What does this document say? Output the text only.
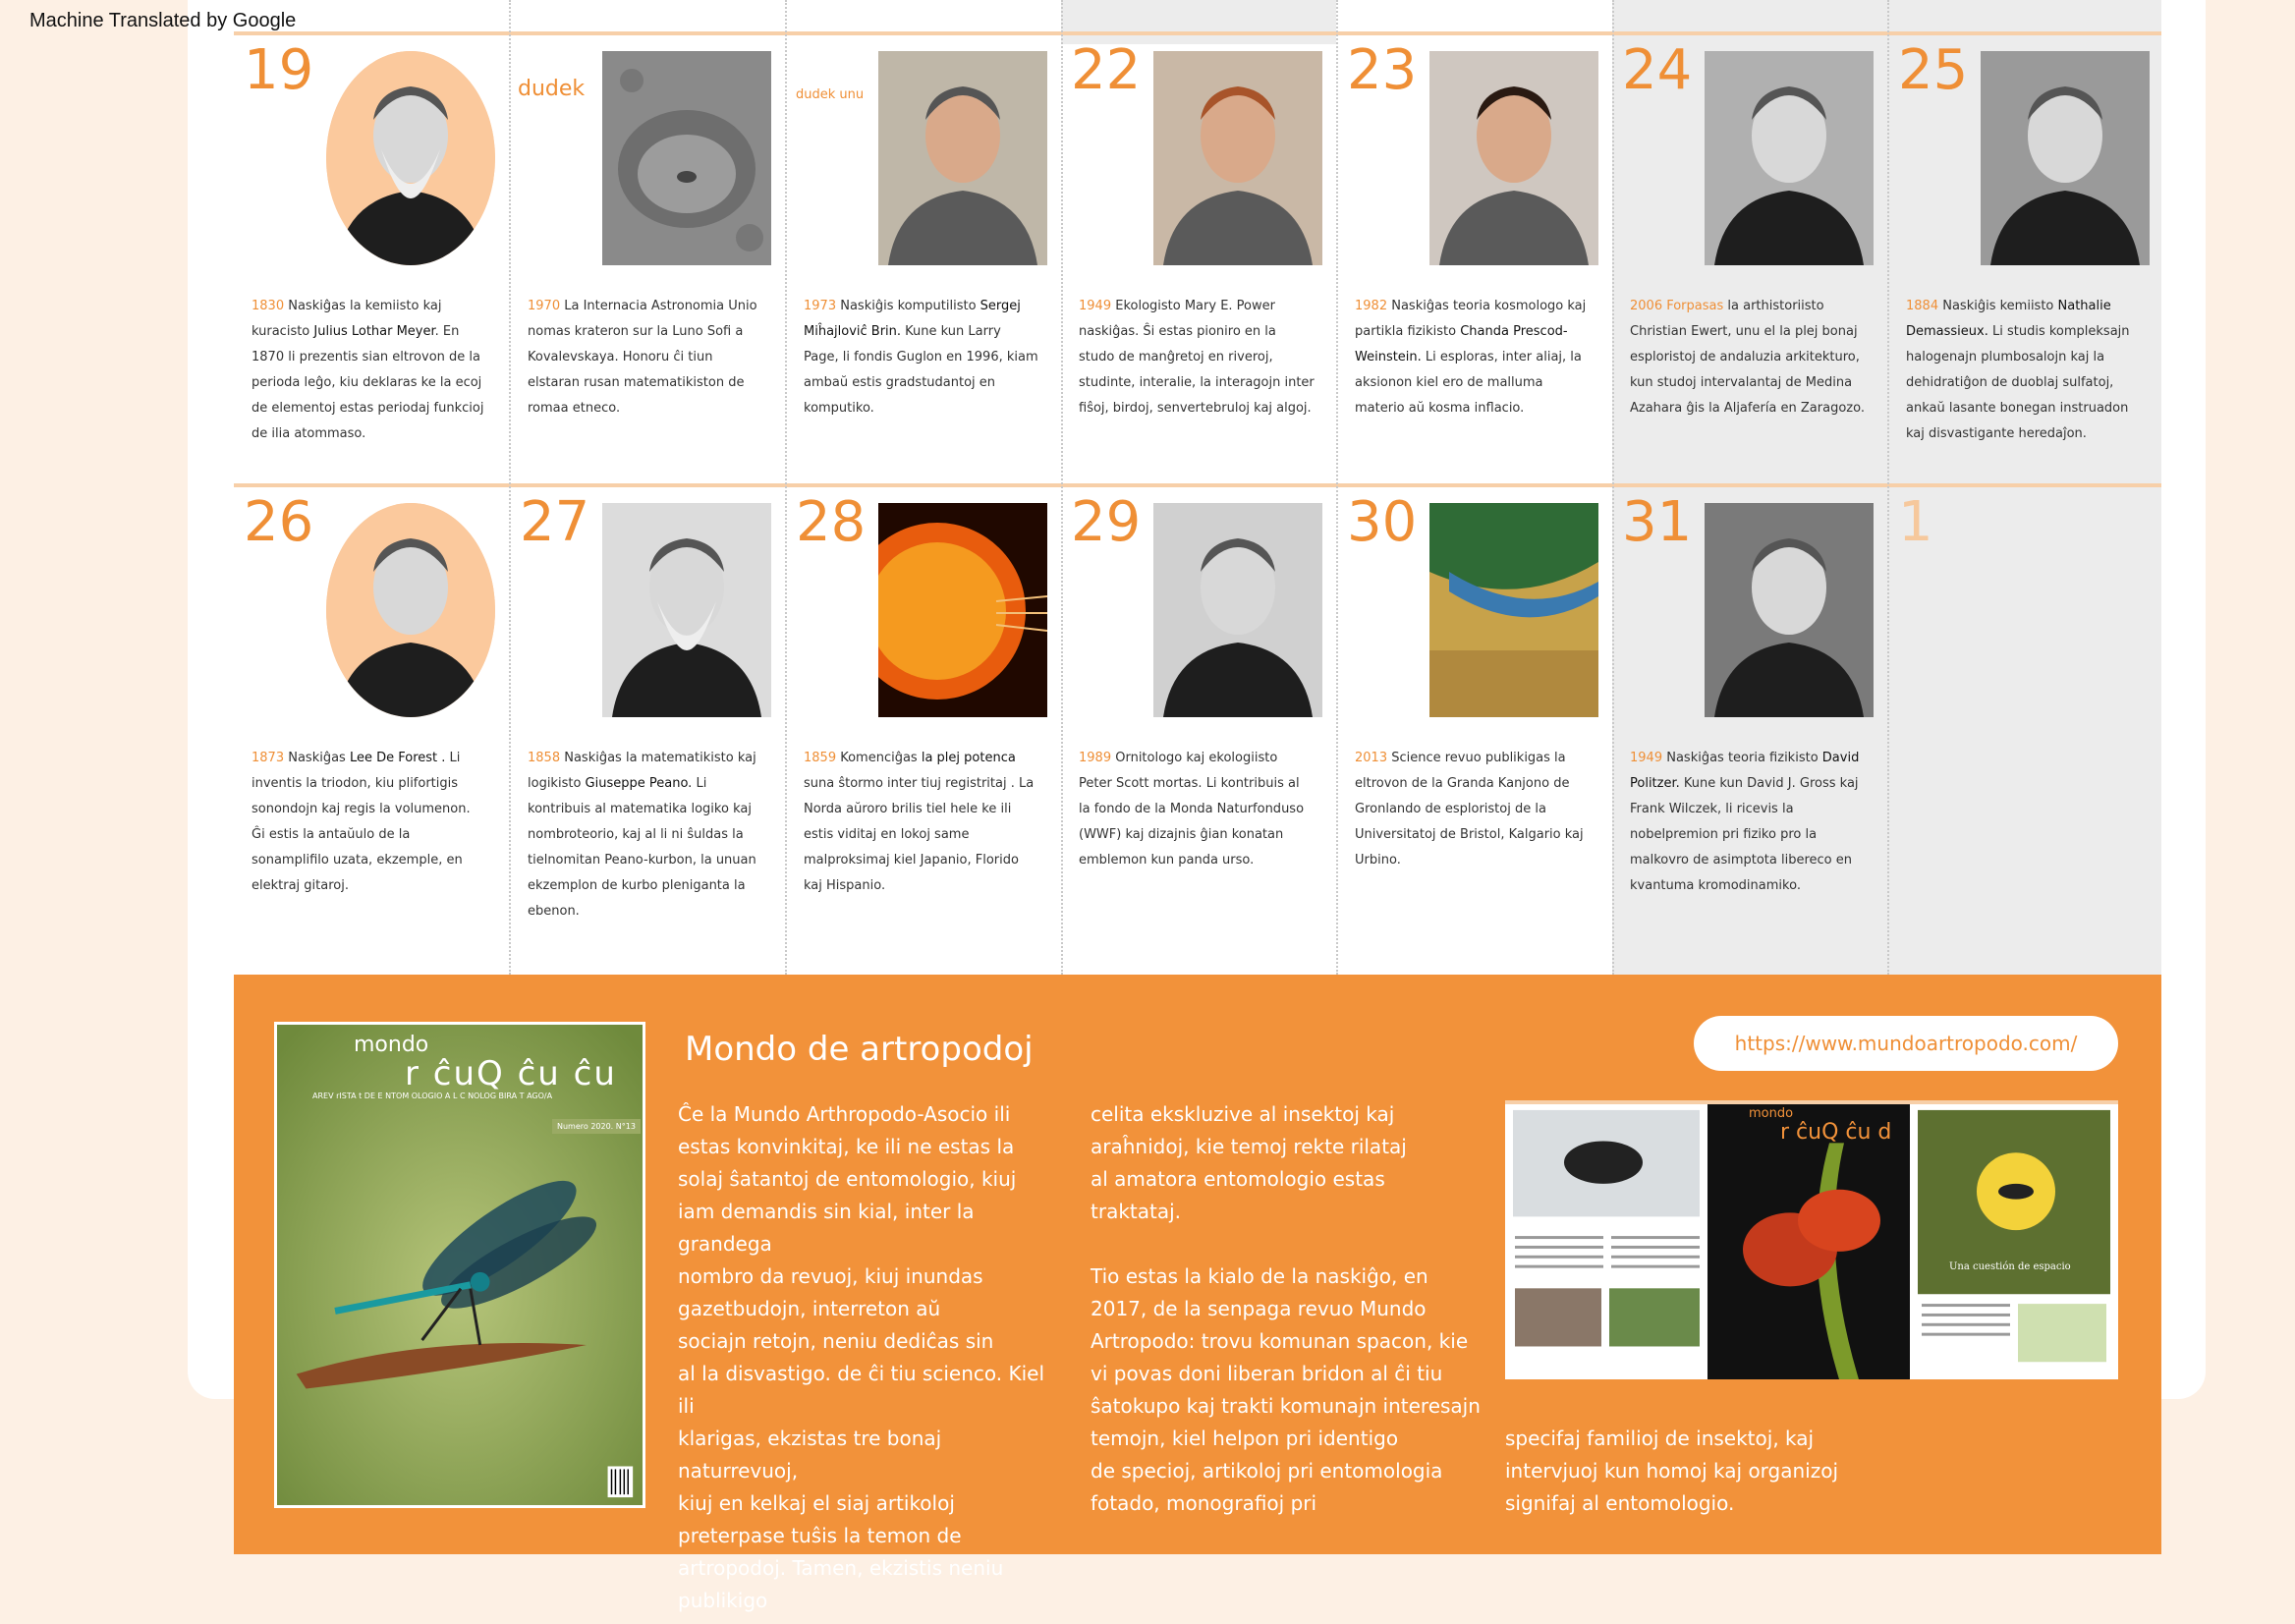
Machine Translated by Google
19
1830 Naskiĝas la kemiisto kaj kuracisto Julius Lothar Meyer. En 1870 li prezentis sian eltrovon de la perioda leĝo, kiu deklaras ke la ecoj de elementoj estas periodaj funkcioj de ilia atommaso.
dudek
1970 La Internacia Astronomia Unio nomas krateron sur la Luno Sofi a Kovalevskaya. Honoru ĉi tiun elstaran rusan matematikiston de romaa etneco.
dudek unu
1973 Naskiĝis komputilisto Sergej Miĥajloviĉ Brin. Kune kun Larry Page, li fondis Guglon en 1996, kiam ambaŭ estis gradstudantoj en komputiko.
22
1949 Ekologisto Mary E. Power naskiĝas. Ŝi estas pioniro en la studo de manĝretoj en riveroj, studinte, interalie, la interagojn inter fiŝoj, birdoj, senvertebruloj kaj algoj.
23
1982 Naskiĝas teoria kosmologo kaj partikla fizikisto Chanda Prescod-Weinstein. Li esploras, inter aliaj, la aksionon kiel ero de malluma materio aŭ kosma inflacio.
24
2006 Forpasas la arthistoriisto Christian Ewert, unu el la plej bonaj esploristoj de andaluzia arkitekturo, kun studoj intervalantaj de Medina Azahara ĝis la Aljafería en Zaragozo.
25
1884 Naskiĝis kemiisto Nathalie Demassieux. Li studis kompleksajn halogenajn plumbosalojn kaj la dehidratiĝon de duoblaj sulfatoj, ankaŭ lasante bonegan instruadon kaj disvastigante heredaĵon.
26
1873 Naskiĝas Lee De Forest . Li inventis la triodon, kiu plifortigis sonondojn kaj regis la volumenon. Ĝi estis la antaŭulo de la sonamplifilo uzata, ekzemple, en elektraj gitaroj.
27
1858 Naskiĝas la matematikisto kaj logikisto Giuseppe Peano. Li kontribuis al matematika logiko kaj nombroteorio, kaj al li ni ŝuldas la tielnomitan Peano-kurbon, la unuan ekzemplon de kurbo pleniganta la ebenon.
28
1859 Komenciĝas la plej potenca suna ŝtormo inter tiuj registritaj . La Norda aŭroro brilis tiel hele ke ili estis viditaj en lokoj same malproksimaj kiel Japanio, Florido kaj Hispanio.
29
1989 Ornitologo kaj ekologiisto Peter Scott mortas. Li kontribuis al la fondo de la Monda Naturfonduso (WWF) kaj dizajnis ĝian konatan emblemon kun panda urso.
30
2013 Science revuo publikigas la eltrovon de la Granda Kanjono de Gronlando de esploristoj de la Universitatoj de Bristol, Kalgario kaj Urbino.
31
1949 Naskiĝas teoria fizikisto David Politzer. Kune kun David J. Gross kaj Frank Wilczek, li ricevis la nobelpremion pri fiziko pro la malkovro de asimptota libereco en kvantuma kromodinamiko.
1
mondo
r ĉuQ ĉu ĉu
AREV rISTA t DE E NTOM OLOGIO A L C NOLOG BIRA T AGO/A
Numero 2020. N°13
Mondo de artropodoj	https://www.mundoartropodo.com/

Ĉe la Mundo Arthropodo-Asocio ili
estas konvinkitaj, ke ili ne estas la
solaj ŝatantoj de entomologio, kiuj
iam demandis sin kial, inter la grandega
nombro da revuoj, kiuj inundas
gazetbudojn, interreton aŭ
sociajn retojn, neniu dediĉas sin
al la disvastigo. de ĉi tiu scienco. Kiel ili
klarigas, ekzistas tre bonaj naturrevuoj,
kiuj en kelkaj el siaj artikoloj
preterpase tuŝis la temon de
artropodoj. Tamen, ekzistis neniu
publikigo

celita ekskluzive al insektoj kaj
araĥnidoj, kie temoj rekte rilataj
al amatora entomologio estas
traktataj.

Tio estas la kialo de la naskiĝo, en
2017, de la senpaga revuo Mundo
Artropodo: trovu komunan spacon, kie
vi povas doni liberan bridon al ĉi tiu
ŝatokupo kaj trakti komunajn interesajn
temojn, kiel helpon pri identigo
de specioj, artikoloj pri entomologia
fotado, monografioj pri

mondo
r ĉuQ ĉu d
Una cuestión de espacio

specifaj familioj de insektoj, kaj
intervjuoj kun homoj kaj organizoj
signifaj al entomologio.
